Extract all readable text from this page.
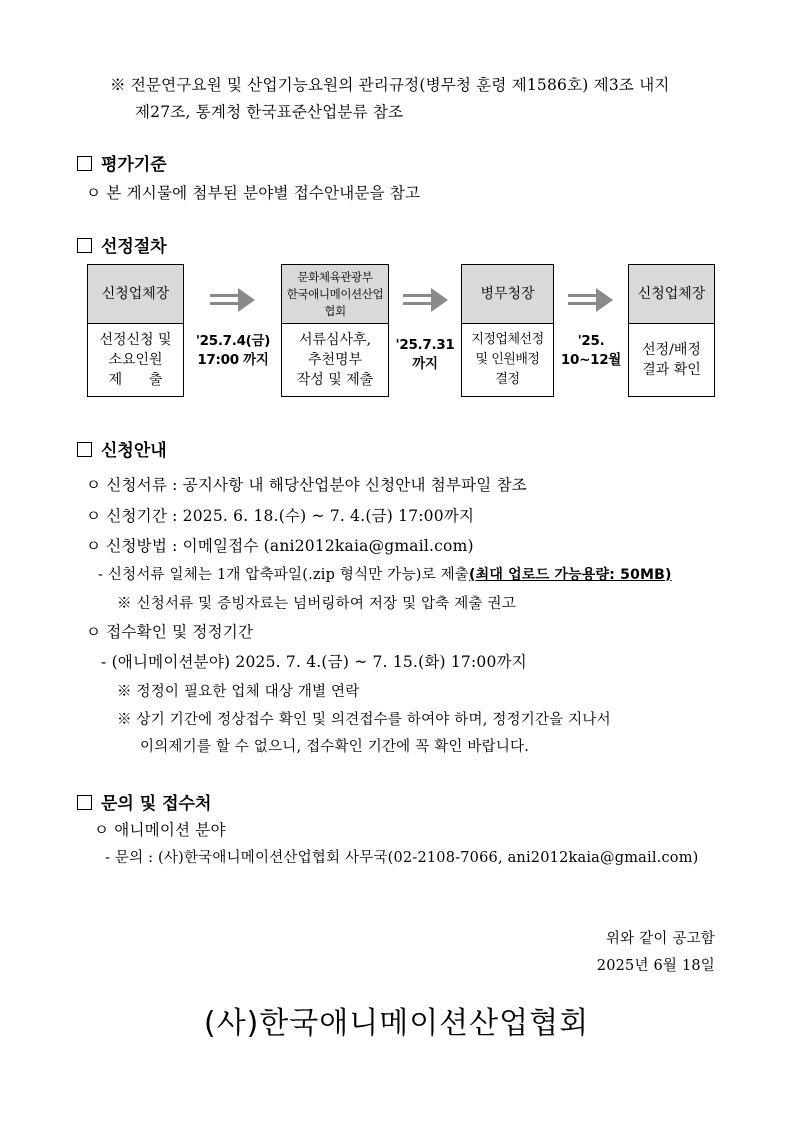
※ 전문연구요원 및 산업기능요원의 관리규정(병무청 훈령 제1586호) 제3조 내지
제27조, 통계청 한국표준산업분류 참조
평가기준
ㅇ 본 게시물에 첨부된 분야별 접수안내문을 참고
선정절차
신청업체장
선정신청 및
소요인원
제      출
문화체육관광부
한국애니메이션산업
협회
서류심사후,
추천명부
작성 및 제출
병무청장
지정업체선정
및 인원배정
결정
신청업체장
선정/배정
결과 확인
'25.7.4(금)
17:00 까지
'25.7.31
까지
'25.
10~12월
신청안내
ㅇ 신청서류 : 공지사항 내 해당산업분야 신청안내 첨부파일 참조
ㅇ 신청기간 : 2025. 6. 18.(수) ~ 7. 4.(금) 17:00까지
ㅇ 신청방법 : 이메일접수 (ani2012kaia@gmail.com)
- 신청서류 일체는 1개 압축파일(.zip 형식만 가능)로 제출(최대 업로드 가능용량: 50MB)
※ 신청서류 및 증빙자료는 넘버링하여 저장 및 압축 제출 권고
ㅇ 접수확인 및 정정기간
- (애니메이션분야) 2025. 7. 4.(금) ~ 7. 15.(화) 17:00까지
※ 정정이 필요한 업체 대상 개별 연락
※ 상기 기간에 정상접수 확인 및 의견접수를 하여야 하며, 정정기간을 지나서
이의제기를 할 수 없으니, 접수확인 기간에 꼭 확인 바랍니다.
문의 및 접수처
ㅇ 애니메이션 분야
- 문의 : (사)한국애니메이션산업협회 사무국(02-2108-7066, ani2012kaia@gmail.com)
위와 같이 공고함
2025년 6월 18일
(사)한국애니메이션산업협회
